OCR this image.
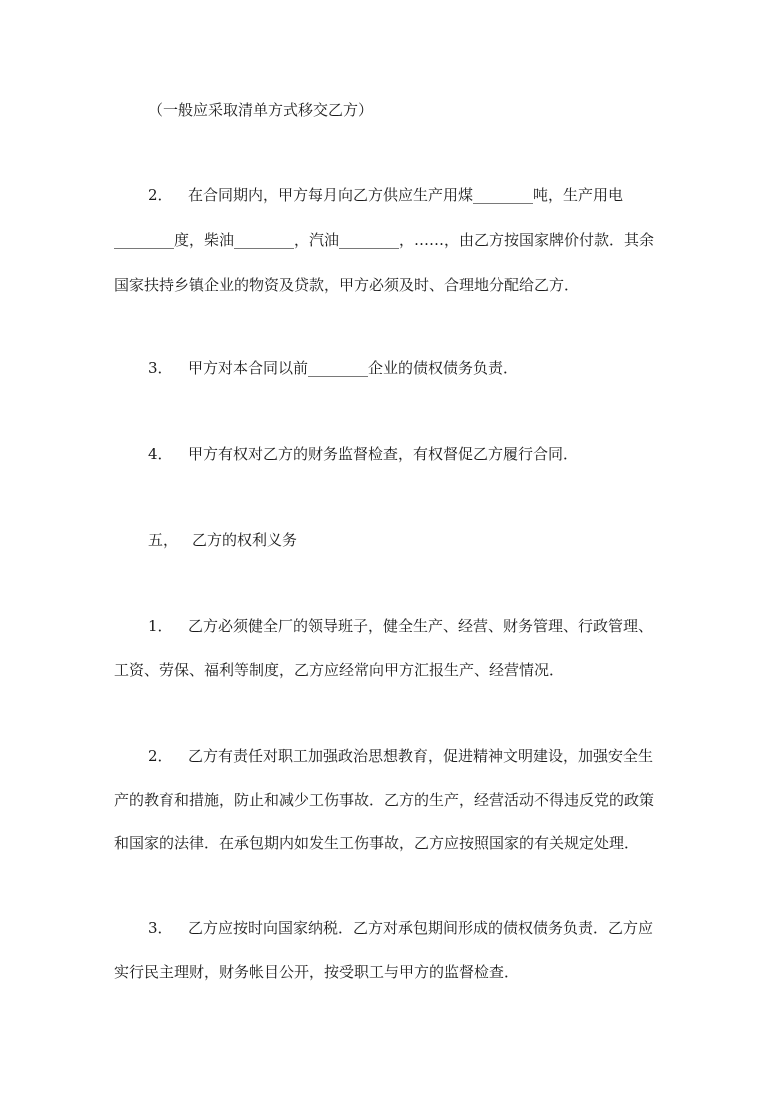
（一般应采取清单方式移交乙方）
2． 在合同期内，甲方每月向乙方供应生产用煤________吨，生产用电
________度，柴油________，汽油________，……，由乙方按国家牌价付款．其余
国家扶持乡镇企业的物资及贷款，甲方必须及时、合理地分配给乙方．
3． 甲方对本合同以前________企业的债权债务负责．
4． 甲方有权对乙方的财务监督检查，有权督促乙方履行合同．
五， 乙方的权利义务
1． 乙方必须健全厂的领导班子，健全生产、经营、财务管理、行政管理、
工资、劳保、福利等制度，乙方应经常向甲方汇报生产、经营情况．
2． 乙方有责任对职工加强政治思想教育，促进精神文明建设，加强安全生
产的教育和措施，防止和减少工伤事故．乙方的生产，经营活动不得违反党的政策
和国家的法律．在承包期内如发生工伤事故，乙方应按照国家的有关规定处理．
3． 乙方应按时向国家纳税．乙方对承包期间形成的债权债务负责．乙方应
实行民主理财，财务帐目公开，按受职工与甲方的监督检查．
